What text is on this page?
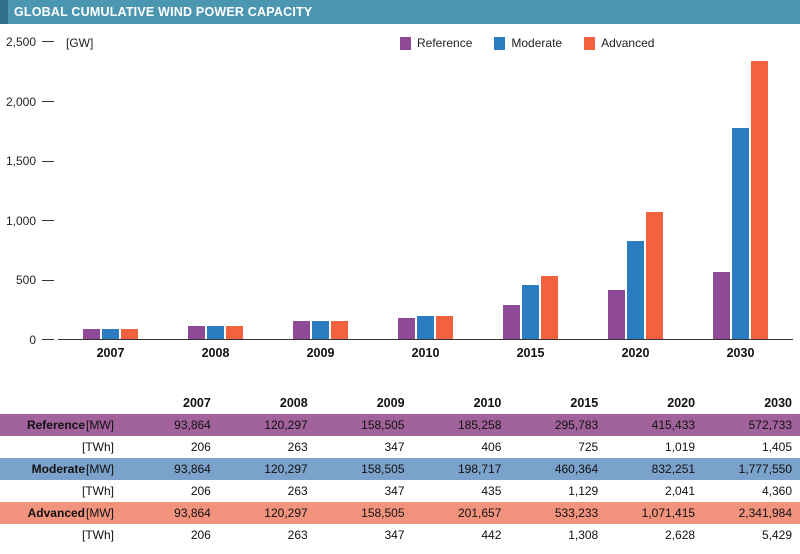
GLOBAL CUMULATIVE WIND POWER CAPACITY
[GW]	Reference	Moderate	Advanced
0
500
1,000
1,500
2,000
2,500
2007	2008	2009	2010	2015	2020	2030
	2007	2008	2009	2010	2015	2020	2030
Reference[MW]	93,864	120,297	158,505	185,258	295,783	415,433	572,733
[TWh]	206	263	347	406	725	1,019	1,405
Moderate[MW]	93,864	120,297	158,505	198,717	460,364	832,251	1,777,550
[TWh]	206	263	347	435	1,129	2,041	4,360
Advanced[MW]	93,864	120,297	158,505	201,657	533,233	1,071,415	2,341,984
[TWh]	206	263	347	442	1,308	2,628	5,429
